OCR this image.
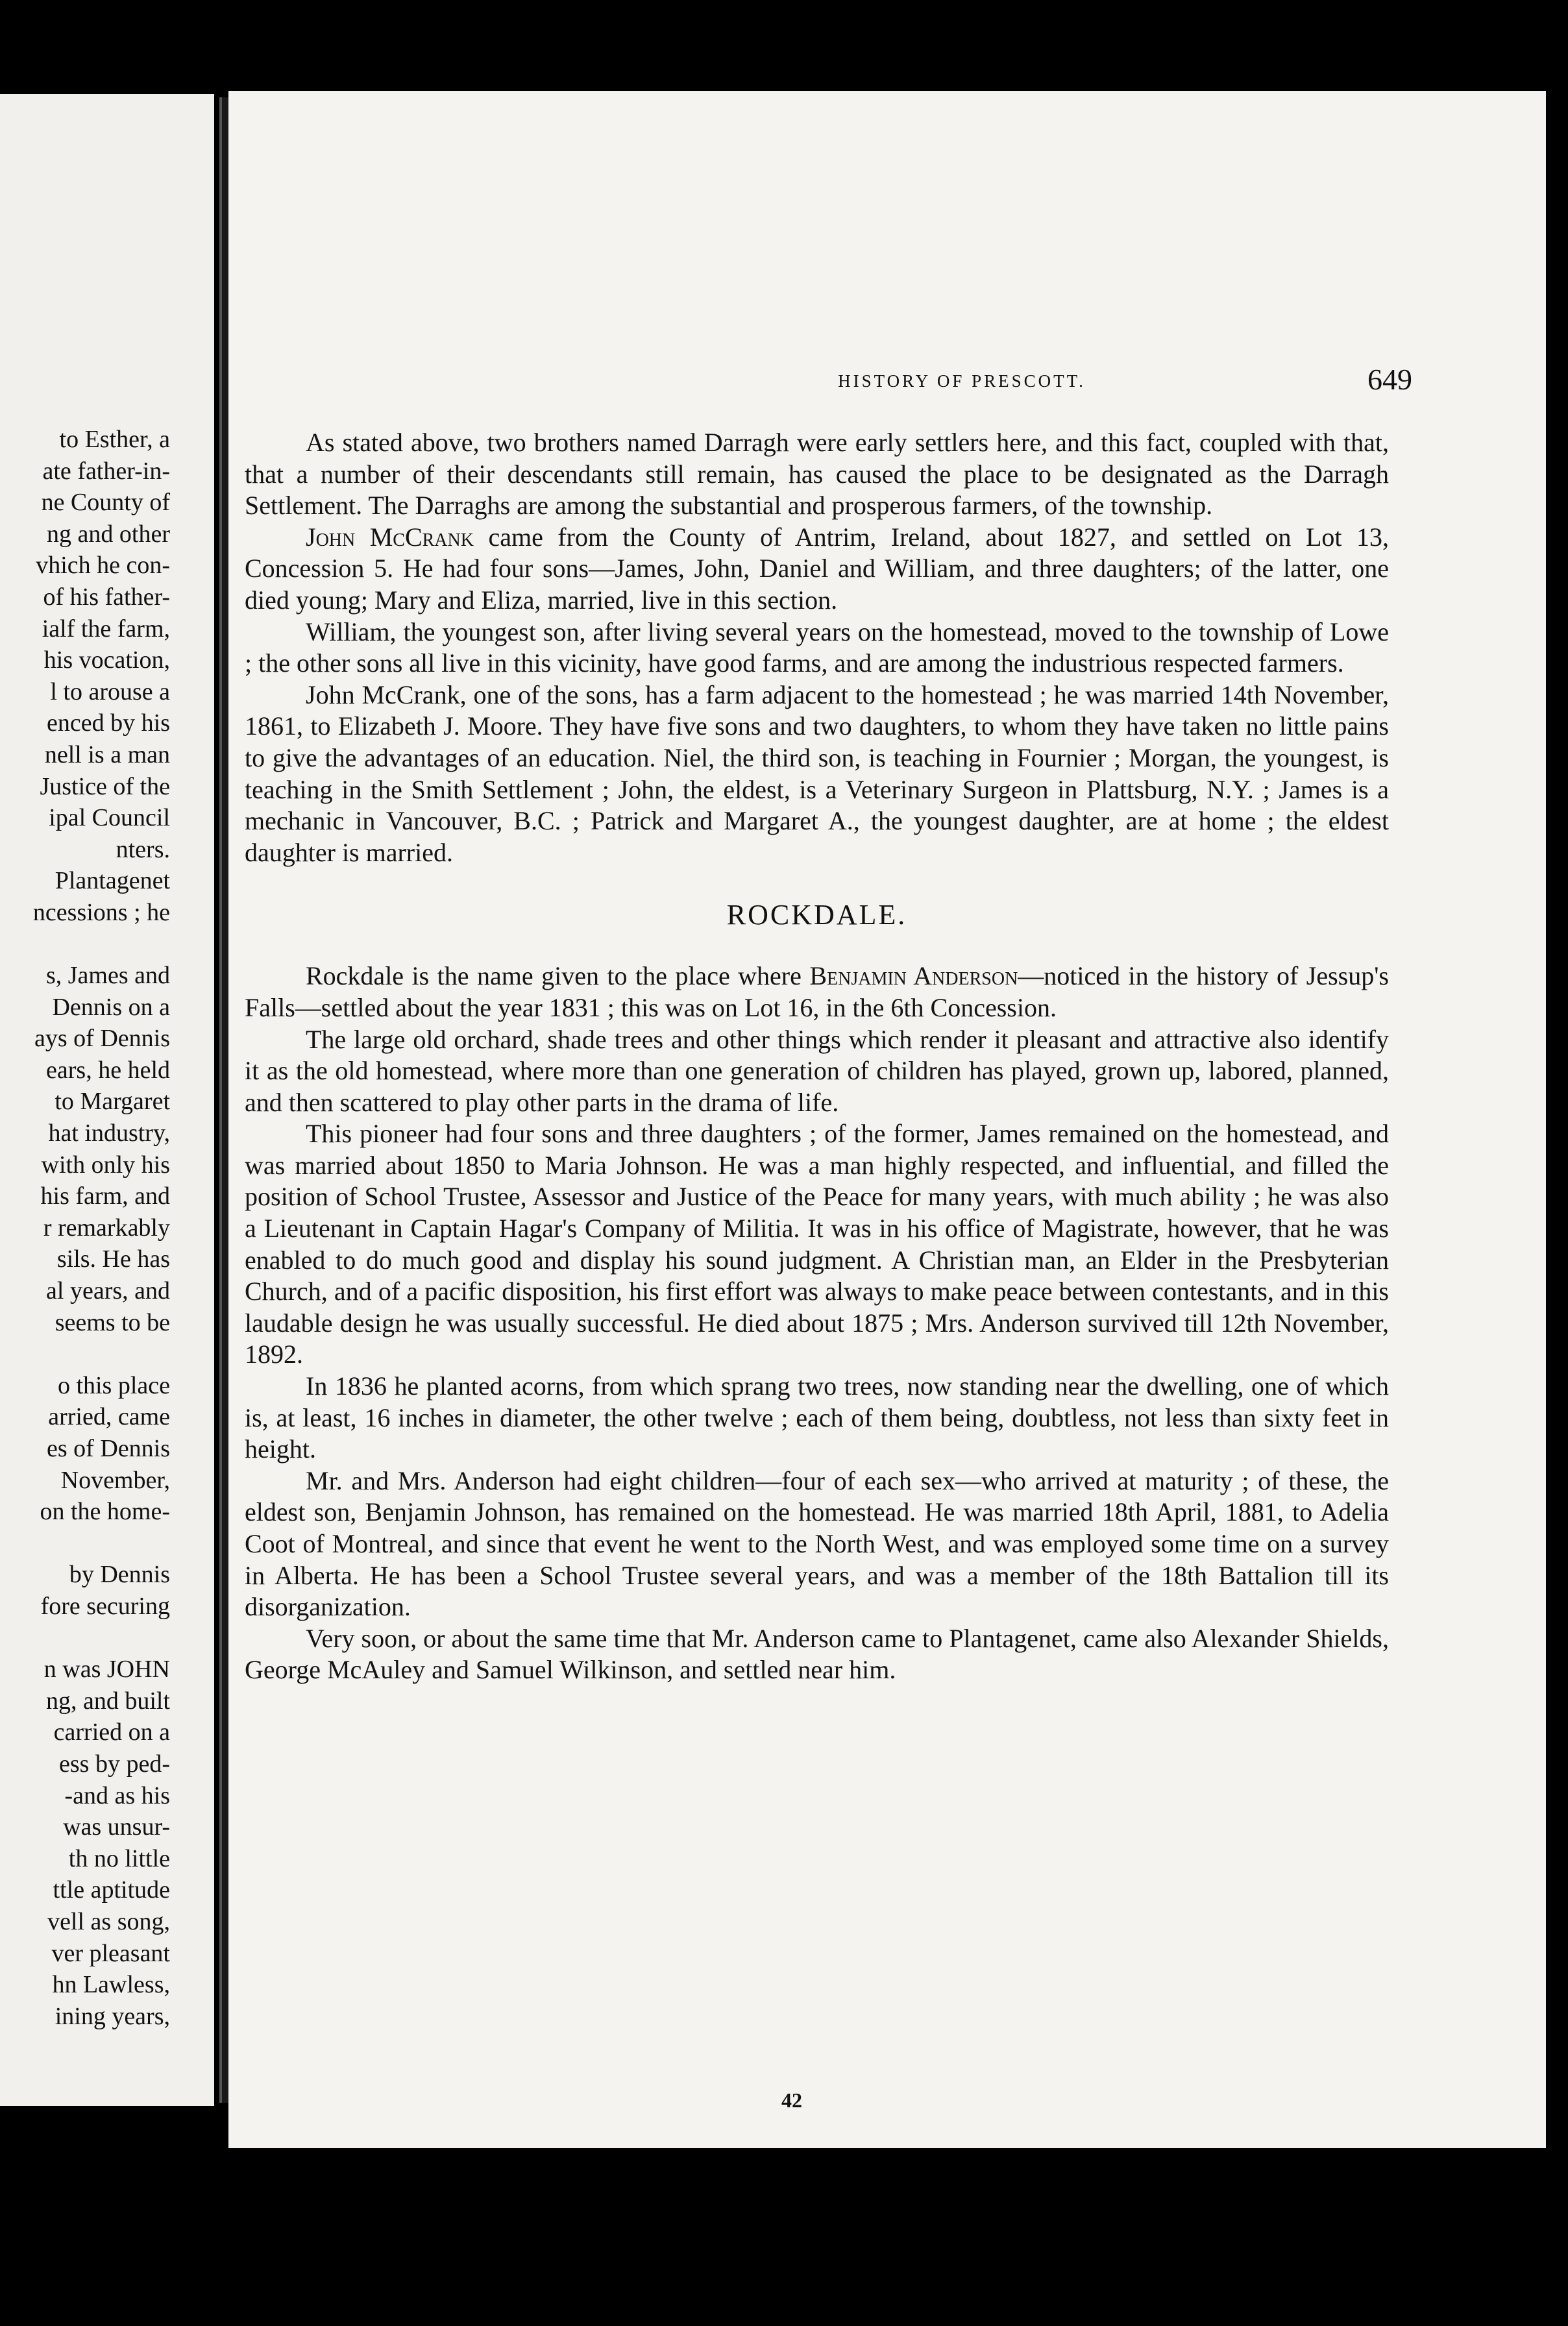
to Esther, a
ate father-in-
ne County of
ng and other
vhich he con-
of his father-
ialf the farm,
his vocation,
l to arouse a
enced by his
nell is a man
Justice of the
ipal Council
nters.
Plantagenet
ncessions ; he

s, James and
Dennis on a
ays of Dennis
ears, he held
to Margaret
hat industry,
with only his
his farm, and
r remarkably
sils. He has
al years, and
seems to be

o this place
arried, came
es of Dennis
November,
on the home-

by Dennis
fore securing

n was JOHN
ng, and built
carried on a
ess by ped-
-and as his
was unsur-
th no little
ttle aptitude
vell as song,
ver pleasant
hn Lawless,
ining years,
HISTORY OF PRESCOTT.	649

As stated above, two brothers named Darragh were early settlers here, and this fact, coupled with that, that a number of their descendants still remain, has caused the place to be designated as the Darragh Settlement. The Darraghs are among the substantial and prosperous farmers, of the township.

John McCrank came from the County of Antrim, Ireland, about 1827, and settled on Lot 13, Concession 5. He had four sons—James, John, Daniel and William, and three daughters; of the latter, one died young; Mary and Eliza, married, live in this section.

William, the youngest son, after living several years on the homestead, moved to the township of Lowe ; the other sons all live in this vicinity, have good farms, and are among the industrious respected farmers.

John McCrank, one of the sons, has a farm adjacent to the homestead ; he was married 14th November, 1861, to Elizabeth J. Moore. They have five sons and two daughters, to whom they have taken no little pains to give the advantages of an education. Niel, the third son, is teaching in Fournier ; Morgan, the youngest, is teaching in the Smith Settlement ; John, the eldest, is a Veterinary Surgeon in Plattsburg, N.Y. ; James is a mechanic in Vancouver, B.C. ; Patrick and Margaret A., the youngest daughter, are at home ; the eldest daughter is married.

ROCKDALE.

Rockdale is the name given to the place where Benjamin Anderson—noticed in the history of Jessup's Falls—settled about the year 1831 ; this was on Lot 16, in the 6th Concession.

The large old orchard, shade trees and other things which render it pleasant and attractive also identify it as the old homestead, where more than one generation of children has played, grown up, labored, planned, and then scattered to play other parts in the drama of life.

This pioneer had four sons and three daughters ; of the former, James remained on the homestead, and was married about 1850 to Maria Johnson. He was a man highly respected, and influential, and filled the position of School Trustee, Assessor and Justice of the Peace for many years, with much ability ; he was also a Lieutenant in Captain Hagar's Company of Militia. It was in his office of Magistrate, however, that he was enabled to do much good and display his sound judgment. A Christian man, an Elder in the Presbyterian Church, and of a pacific disposition, his first effort was always to make peace between contestants, and in this laudable design he was usually successful. He died about 1875 ; Mrs. Anderson survived till 12th November, 1892.

In 1836 he planted acorns, from which sprang two trees, now standing near the dwelling, one of which is, at least, 16 inches in diameter, the other twelve ; each of them being, doubtless, not less than sixty feet in height.

Mr. and Mrs. Anderson had eight children—four of each sex—who arrived at maturity ; of these, the eldest son, Benjamin Johnson, has remained on the homestead. He was married 18th April, 1881, to Adelia Coot of Montreal, and since that event he went to the North West, and was employed some time on a survey in Alberta. He has been a School Trustee several years, and was a member of the 18th Battalion till its disorganization.

Very soon, or about the same time that Mr. Anderson came to Plantagenet, came also Alexander Shields, George McAuley and Samuel Wilkinson, and settled near him.

42
